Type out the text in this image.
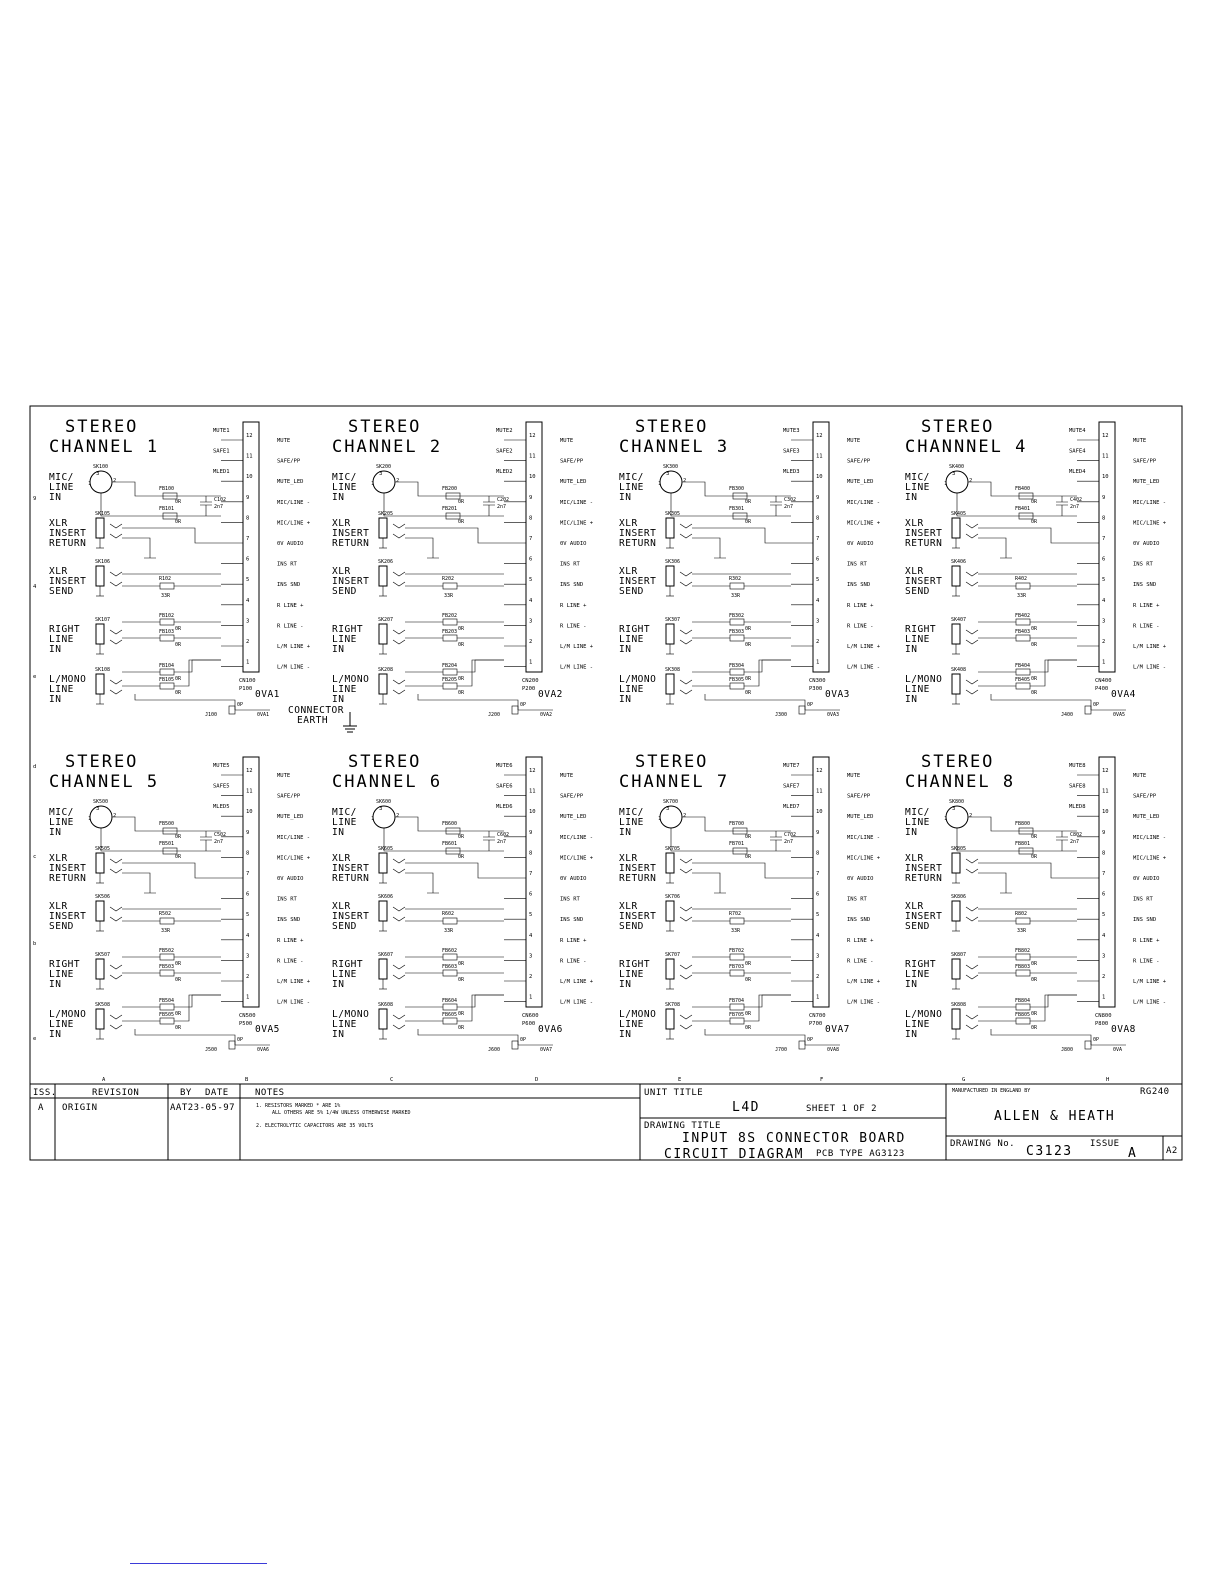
A	B	C	D	E	F	G	H
9
4
e
d
c
b
e
STEREO
CHANNEL 1
12
MUTE
11
SAFE/PP
10
MUTE_LED
9
MIC/LINE -
8
MIC/LINE +
7
0V AUDIO
6
INS RT
5
INS SND
4
R LINE +
3
R LINE -
2
L/M LINE +
1
L/M LINE -
MUTE1
SAFE1
MLED1
CN100
P100 0VA1
MIC/
LINE
IN
XLR
INSERT
RETURN
SK105
XLR
INSERT
SEND
SK106
RIGHT
LINE
IN
SK107
L/MONO
LINE
IN
SK108
SK100
3
1	2
FB100
FB101
0R
0R
C102
2n7
R102
33R
FB102
0R
FB103
0R
FB104
0R
FB105
0R
J100
0P
0VA1
STEREO
CHANNEL 2
12
MUTE
11
SAFE/PP
10
MUTE_LED
9
MIC/LINE -
8
MIC/LINE +
7
0V AUDIO
6
INS RT
5
INS SND
4
R LINE +
3
R LINE -
2
L/M LINE +
1
L/M LINE -
MUTE2
SAFE2
MLED2
CN200
P200 0VA2
MIC/
LINE
IN
XLR
INSERT
RETURN
SK205
XLR
INSERT
SEND
SK206
RIGHT
LINE
IN
SK207
L/MONO
LINE
IN
SK208
SK200
3
1	2
FB200
FB201
0R
0R
C202
2n7
R202
33R
FB202
0R
FB203
0R
FB204
0R
FB205
0R
J200
0P
0VA2
STEREO
CHANNEL 3
12
MUTE
11
SAFE/PP
10
MUTE_LED
9
MIC/LINE -
8
MIC/LINE +
7
0V AUDIO
6
INS RT
5
INS SND
4
R LINE +
3
R LINE -
2
L/M LINE +
1
L/M LINE -
MUTE3
SAFE3
MLED3
CN300
P300 0VA3
MIC/
LINE
IN
XLR
INSERT
RETURN
SK305
XLR
INSERT
SEND
SK306
RIGHT
LINE
IN
SK307
L/MONO
LINE
IN
SK308
SK300
3
1	2
FB300
FB301
0R
0R
C302
2n7
R302
33R
FB302
0R
FB303
0R
FB304
0R
FB305
0R
J300
0P
0VA3
STEREO
CHANNNEL 4
12
MUTE
11
SAFE/PP
10
MUTE_LED
9
MIC/LINE -
8
MIC/LINE +
7
0V AUDIO
6
INS RT
5
INS SND
4
R LINE +
3
R LINE -
2
L/M LINE +
1
L/M LINE -
MUTE4
SAFE4
MLED4
CN400
P400 0VA4
MIC/
LINE
IN
XLR
INSERT
RETURN
SK405
XLR
INSERT
SEND
SK406
RIGHT
LINE
IN
SK407
L/MONO
LINE
IN
SK408
SK400
3
1	2
FB400
FB401
0R
0R
C402
2n7
R402
33R
FB402
0R
FB403
0R
FB404
0R
FB405
0R
J400
0P
0VA5
STEREO
CHANNEL 5
12
MUTE
11
SAFE/PP
10
MUTE_LED
9
MIC/LINE -
8
MIC/LINE +
7
0V AUDIO
6
INS RT
5
INS SND
4
R LINE +
3
R LINE -
2
L/M LINE +
1
L/M LINE -
MUTE5
SAFE5
MLED5
CN500
P500 0VA5
MIC/
LINE
IN
XLR
INSERT
RETURN
SK505
XLR
INSERT
SEND
SK506
RIGHT
LINE
IN
SK507
L/MONO
LINE
IN
SK508
SK500
3
1	2
FB500
FB501
0R
0R
C502
2n7
R502
33R
FB502
0R
FB503
0R
FB504
0R
FB505
0R
J500
0P
0VA6
STEREO
CHANNEL 6
12
MUTE
11
SAFE/PP
10
MUTE_LED
9
MIC/LINE -
8
MIC/LINE +
7
0V AUDIO
6
INS RT
5
INS SND
4
R LINE +
3
R LINE -
2
L/M LINE +
1
L/M LINE -
MUTE6
SAFE6
MLED6
CN600
P600 0VA6
MIC/
LINE
IN
XLR
INSERT
RETURN
SK605
XLR
INSERT
SEND
SK606
RIGHT
LINE
IN
SK607
L/MONO
LINE
IN
SK608
SK600
3
1	2
FB600
FB601
0R
0R
C602
2n7
R602
33R
FB602
0R
FB603
0R
FB604
0R
FB605
0R
J600
0P
0VA7
STEREO
CHANNEL 7
12
MUTE
11
SAFE/PP
10
MUTE_LED
9
MIC/LINE -
8
MIC/LINE +
7
0V AUDIO
6
INS RT
5
INS SND
4
R LINE +
3
R LINE -
2
L/M LINE +
1
L/M LINE -
MUTE7
SAFE7
MLED7
CN700
P700 0VA7
MIC/
LINE
IN
XLR
INSERT
RETURN
SK705
XLR
INSERT
SEND
SK706
RIGHT
LINE
IN
SK707
L/MONO
LINE
IN
SK708
SK700
3
1	2
FB700
FB701
0R
0R
C702
2n7
R702
33R
FB702
0R
FB703
0R
FB704
0R
FB705
0R
J700
0P
0VA8
STEREO
CHANNEL 8
12
MUTE
11
SAFE/PP
10
MUTE_LED
9
MIC/LINE -
8
MIC/LINE +
7
0V AUDIO
6
INS RT
5
INS SND
4
R LINE +
3
R LINE -
2
L/M LINE +
1
L/M LINE -
MUTE8
SAFE8
MLED8
CN800
P800 0VA8
MIC/
LINE
IN
XLR
INSERT
RETURN
SK805
XLR
INSERT
SEND
SK806
RIGHT
LINE
IN
SK807
L/MONO
LINE
IN
SK808
SK800
3
1	2
FB800
FB801
0R
0R
C802
2n7
R802
33R
FB802
0R
FB803
0R
FB804
0R
FB805
0R
J800
0P
0VA
CONNECTOR
EARTH
ISS.	REVISION	BY DATE	NOTES
A ORIGIN	AAT23-05-97	1. RESISTORS MARKED * ARE 1%
ALL OTHERS ARE 5% 1/4W UNLESS OTHERWISE MARKED
2. ELECTROLYTIC CAPACITORS ARE 35 VOLTS
UNIT TITLE
L4D	SHEET 1 OF 2
DRAWING TITLE
INPUT 8S CONNECTOR BOARD
CIRCUIT DIAGRAM PCB TYPE AG3123
MANUFACTURED IN ENGLAND BY	RG240
ALLEN & HEATH
DRAWING No. C3123 ISSUE
A	A2
